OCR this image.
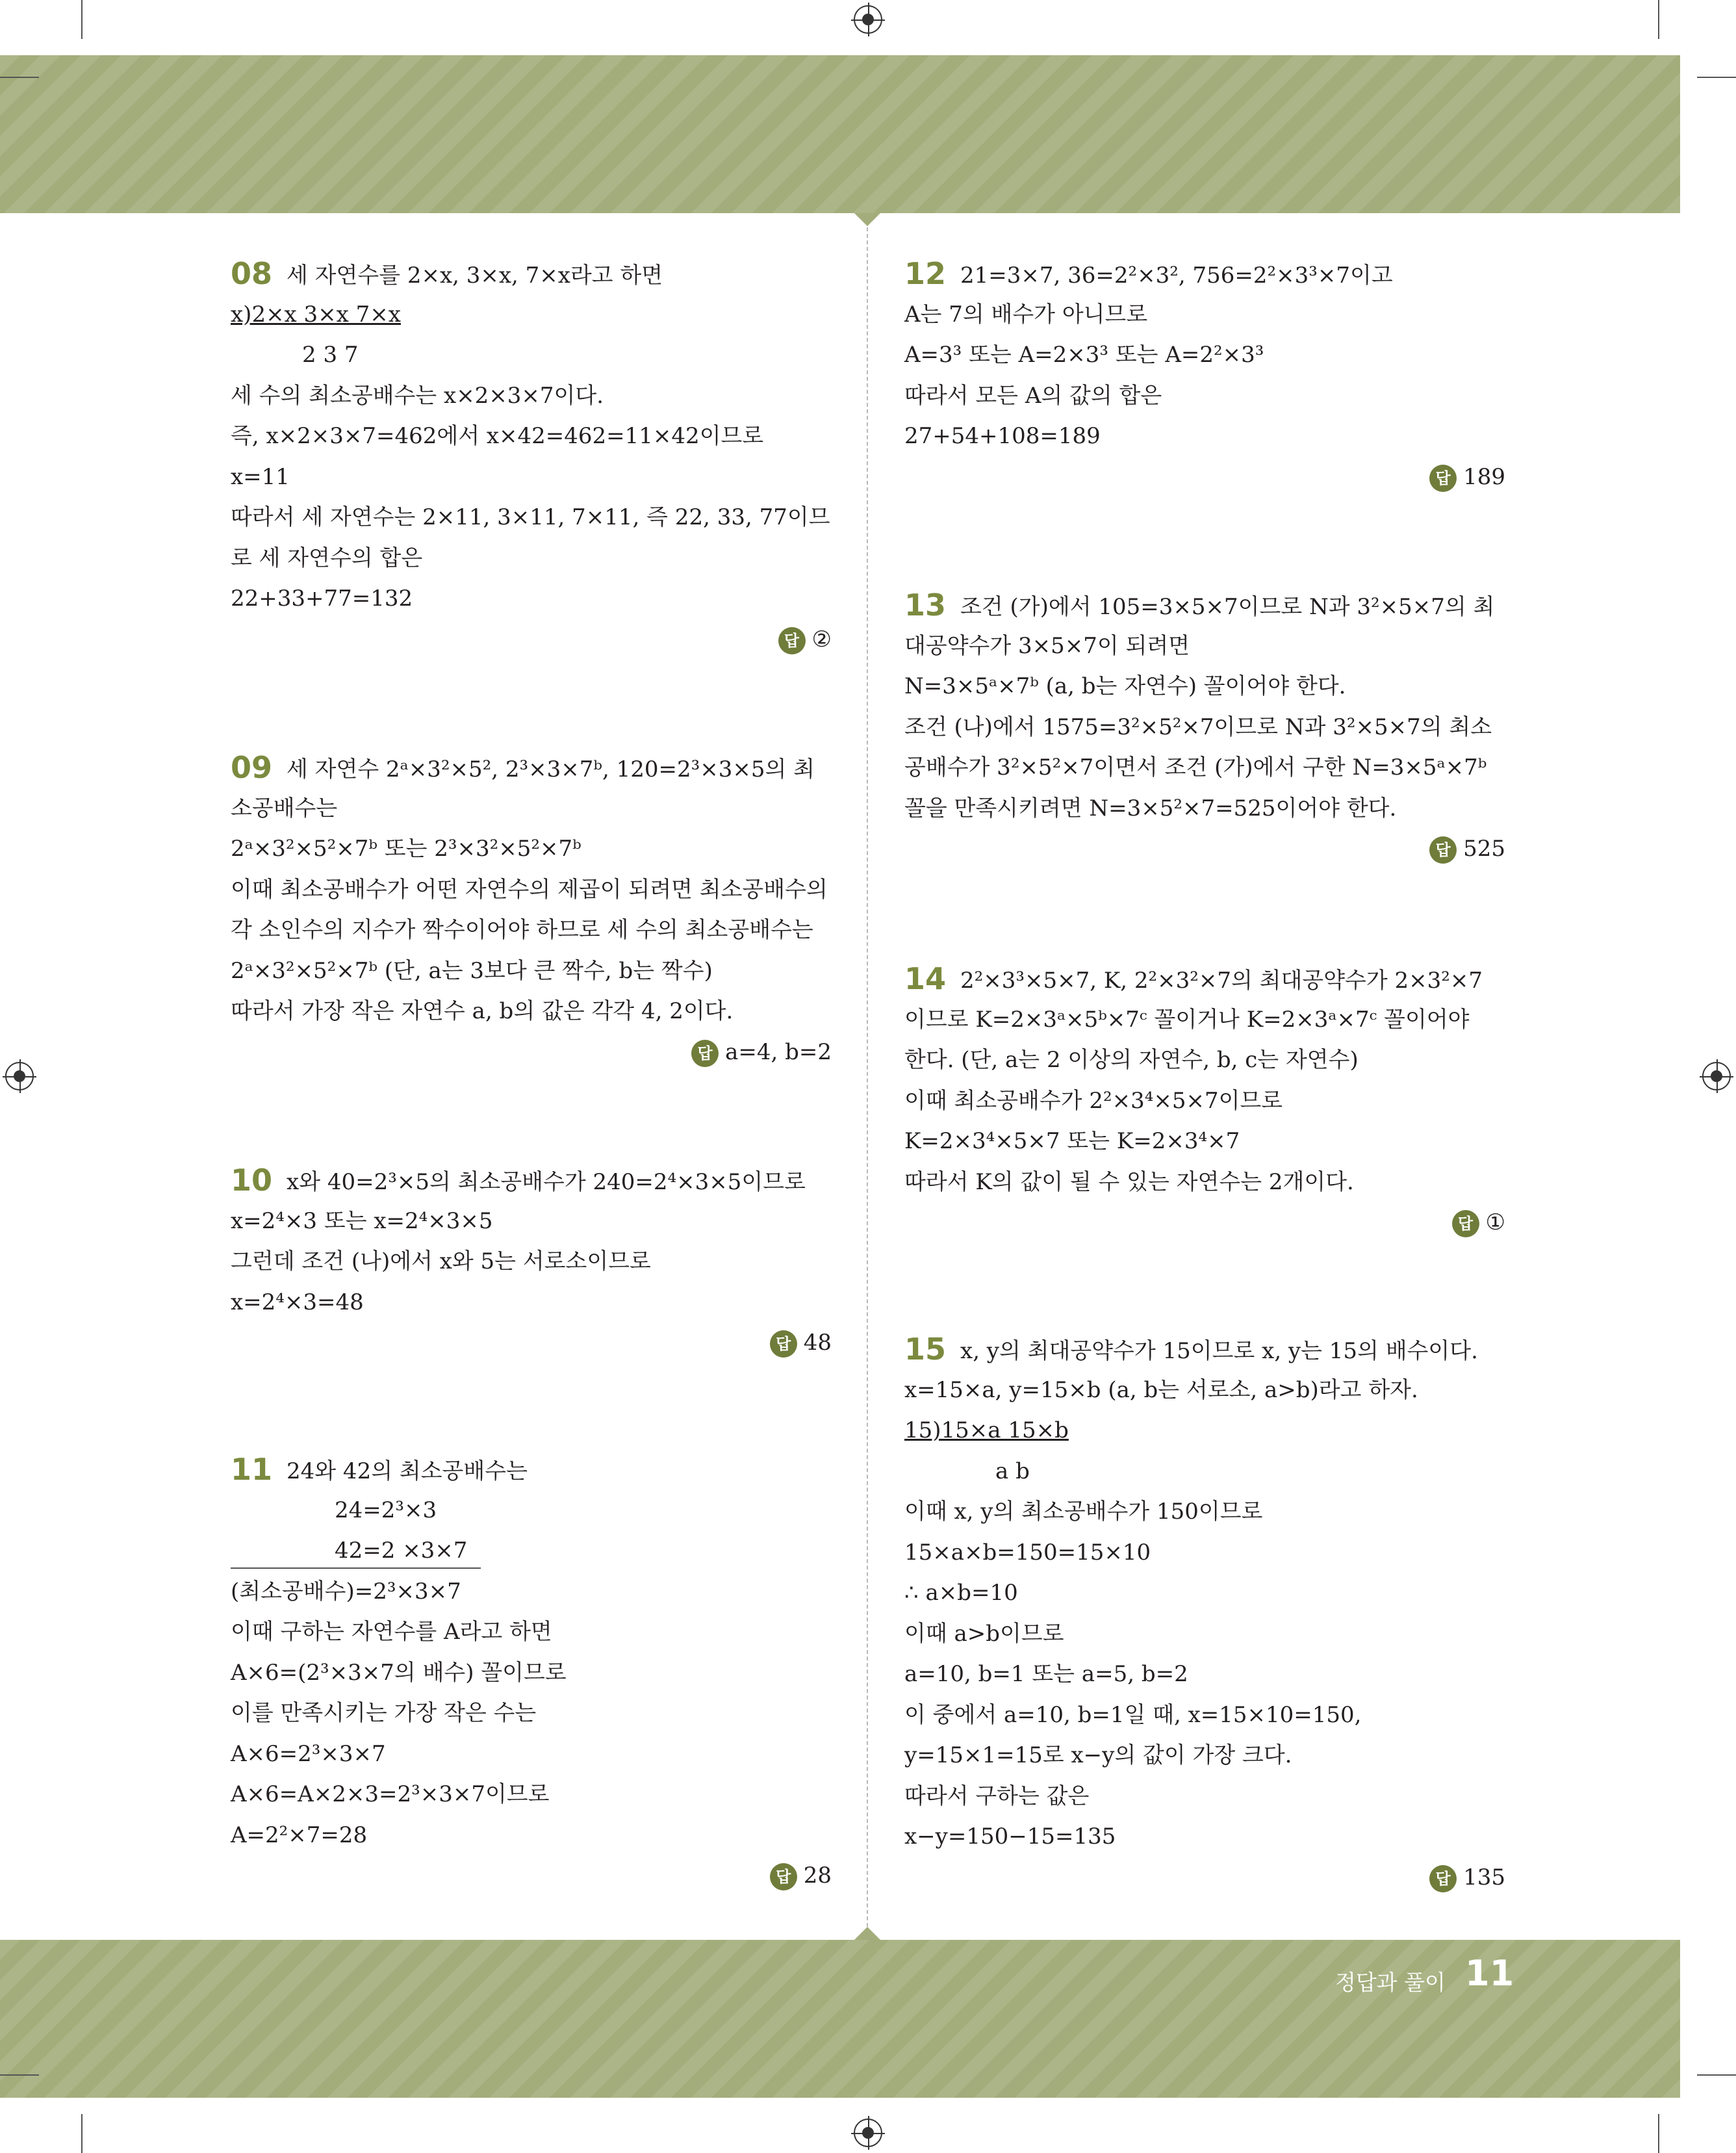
08 세 자연수를 2×x, 3×x, 7×x라고 하면
x)2×x 3×x 7×x
2 3 7
세 수의 최소공배수는 x×2×3×7이다.
즉, x×2×3×7=462에서 x×42=462=11×42이므로
x=11
따라서 세 자연수는 2×11, 3×11, 7×11, 즉 22, 33, 77이므
로 세 자연수의 합은
22+33+77=132
답 ②
09 세 자연수 2ᵃ×3²×5², 2³×3×7ᵇ, 120=2³×3×5의 최
소공배수는
2ᵃ×3²×5²×7ᵇ 또는 2³×3²×5²×7ᵇ
이때 최소공배수가 어떤 자연수의 제곱이 되려면 최소공배수의
각 소인수의 지수가 짝수이어야 하므로 세 수의 최소공배수는
2ᵃ×3²×5²×7ᵇ (단, a는 3보다 큰 짝수, b는 짝수)
따라서 가장 작은 자연수 a, b의 값은 각각 4, 2이다.
답 a=4, b=2
10 x와 40=2³×5의 최소공배수가 240=2⁴×3×5이므로
x=2⁴×3 또는 x=2⁴×3×5
그런데 조건 (나)에서 x와 5는 서로소이므로
x=2⁴×3=48
답 48
11 24와 42의 최소공배수는
24=2³×3
42=2 ×3×7
(최소공배수)=2³×3×7
이때 구하는 자연수를 A라고 하면
A×6=(2³×3×7의 배수) 꼴이므로
이를 만족시키는 가장 작은 수는
A×6=2³×3×7
A×6=A×2×3=2³×3×7이므로
A=2²×7=28
답 28
12 21=3×7, 36=2²×3², 756=2²×3³×7이고
A는 7의 배수가 아니므로
A=3³ 또는 A=2×3³ 또는 A=2²×3³
따라서 모든 A의 값의 합은
27+54+108=189
답 189
13 조건 (가)에서 105=3×5×7이므로 N과 3²×5×7의 최
대공약수가 3×5×7이 되려면
N=3×5ᵃ×7ᵇ (a, b는 자연수) 꼴이어야 한다.
조건 (나)에서 1575=3²×5²×7이므로 N과 3²×5×7의 최소
공배수가 3²×5²×7이면서 조건 (가)에서 구한 N=3×5ᵃ×7ᵇ
꼴을 만족시키려면 N=3×5²×7=525이어야 한다.
답 525
14 2²×3³×5×7, K, 2²×3²×7의 최대공약수가 2×3²×7
이므로 K=2×3ᵃ×5ᵇ×7ᶜ 꼴이거나 K=2×3ᵃ×7ᶜ 꼴이어야
한다. (단, a는 2 이상의 자연수, b, c는 자연수)
이때 최소공배수가 2²×3⁴×5×7이므로
K=2×3⁴×5×7 또는 K=2×3⁴×7
따라서 K의 값이 될 수 있는 자연수는 2개이다.
답 ①
15 x, y의 최대공약수가 15이므로 x, y는 15의 배수이다.
x=15×a, y=15×b (a, b는 서로소, a>b)라고 하자.
15)15×a 15×b
a b
이때 x, y의 최소공배수가 150이므로
15×a×b=150=15×10
∴ a×b=10
이때 a>b이므로
a=10, b=1 또는 a=5, b=2
이 중에서 a=10, b=1일 때, x=15×10=150,
y=15×1=15로 x−y의 값이 가장 크다.
따라서 구하는 값은
x−y=150−15=135
답 135
정답과 풀이 11
